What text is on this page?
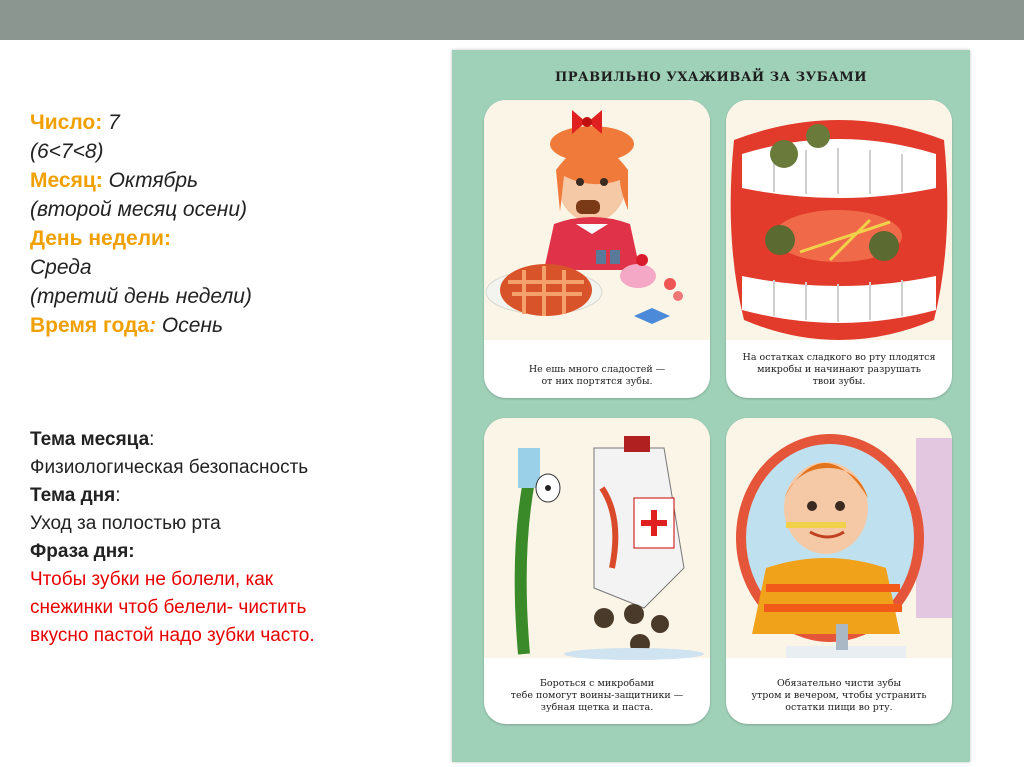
Число: 7
(6<7<8)
Месяц: Октябрь
(второй месяц осени)
День недели:
Среда
(третий день недели)
Время года: Осень
Тема месяца:
Физиологическая безопасность
Тема дня:
Уход за полостью рта
Фраза дня:
Чтобы зубки не болели, как
снежинки чтоб белели- чистить
вкусно пастой надо зубки часто.
ПРАВИЛЬНО УХАЖИВАЙ ЗА ЗУБАМИ
Не ешь много сладостей —
от них портятся зубы.
На остатках сладкого во рту плодятся
микробы и начинают разрушать
твои зубы.
Бороться с микробами
тебе помогут воины-защитники —
зубная щетка и паста.
Обязательно чисти зубы
утром и вечером, чтобы устранить
остатки пищи во рту.
